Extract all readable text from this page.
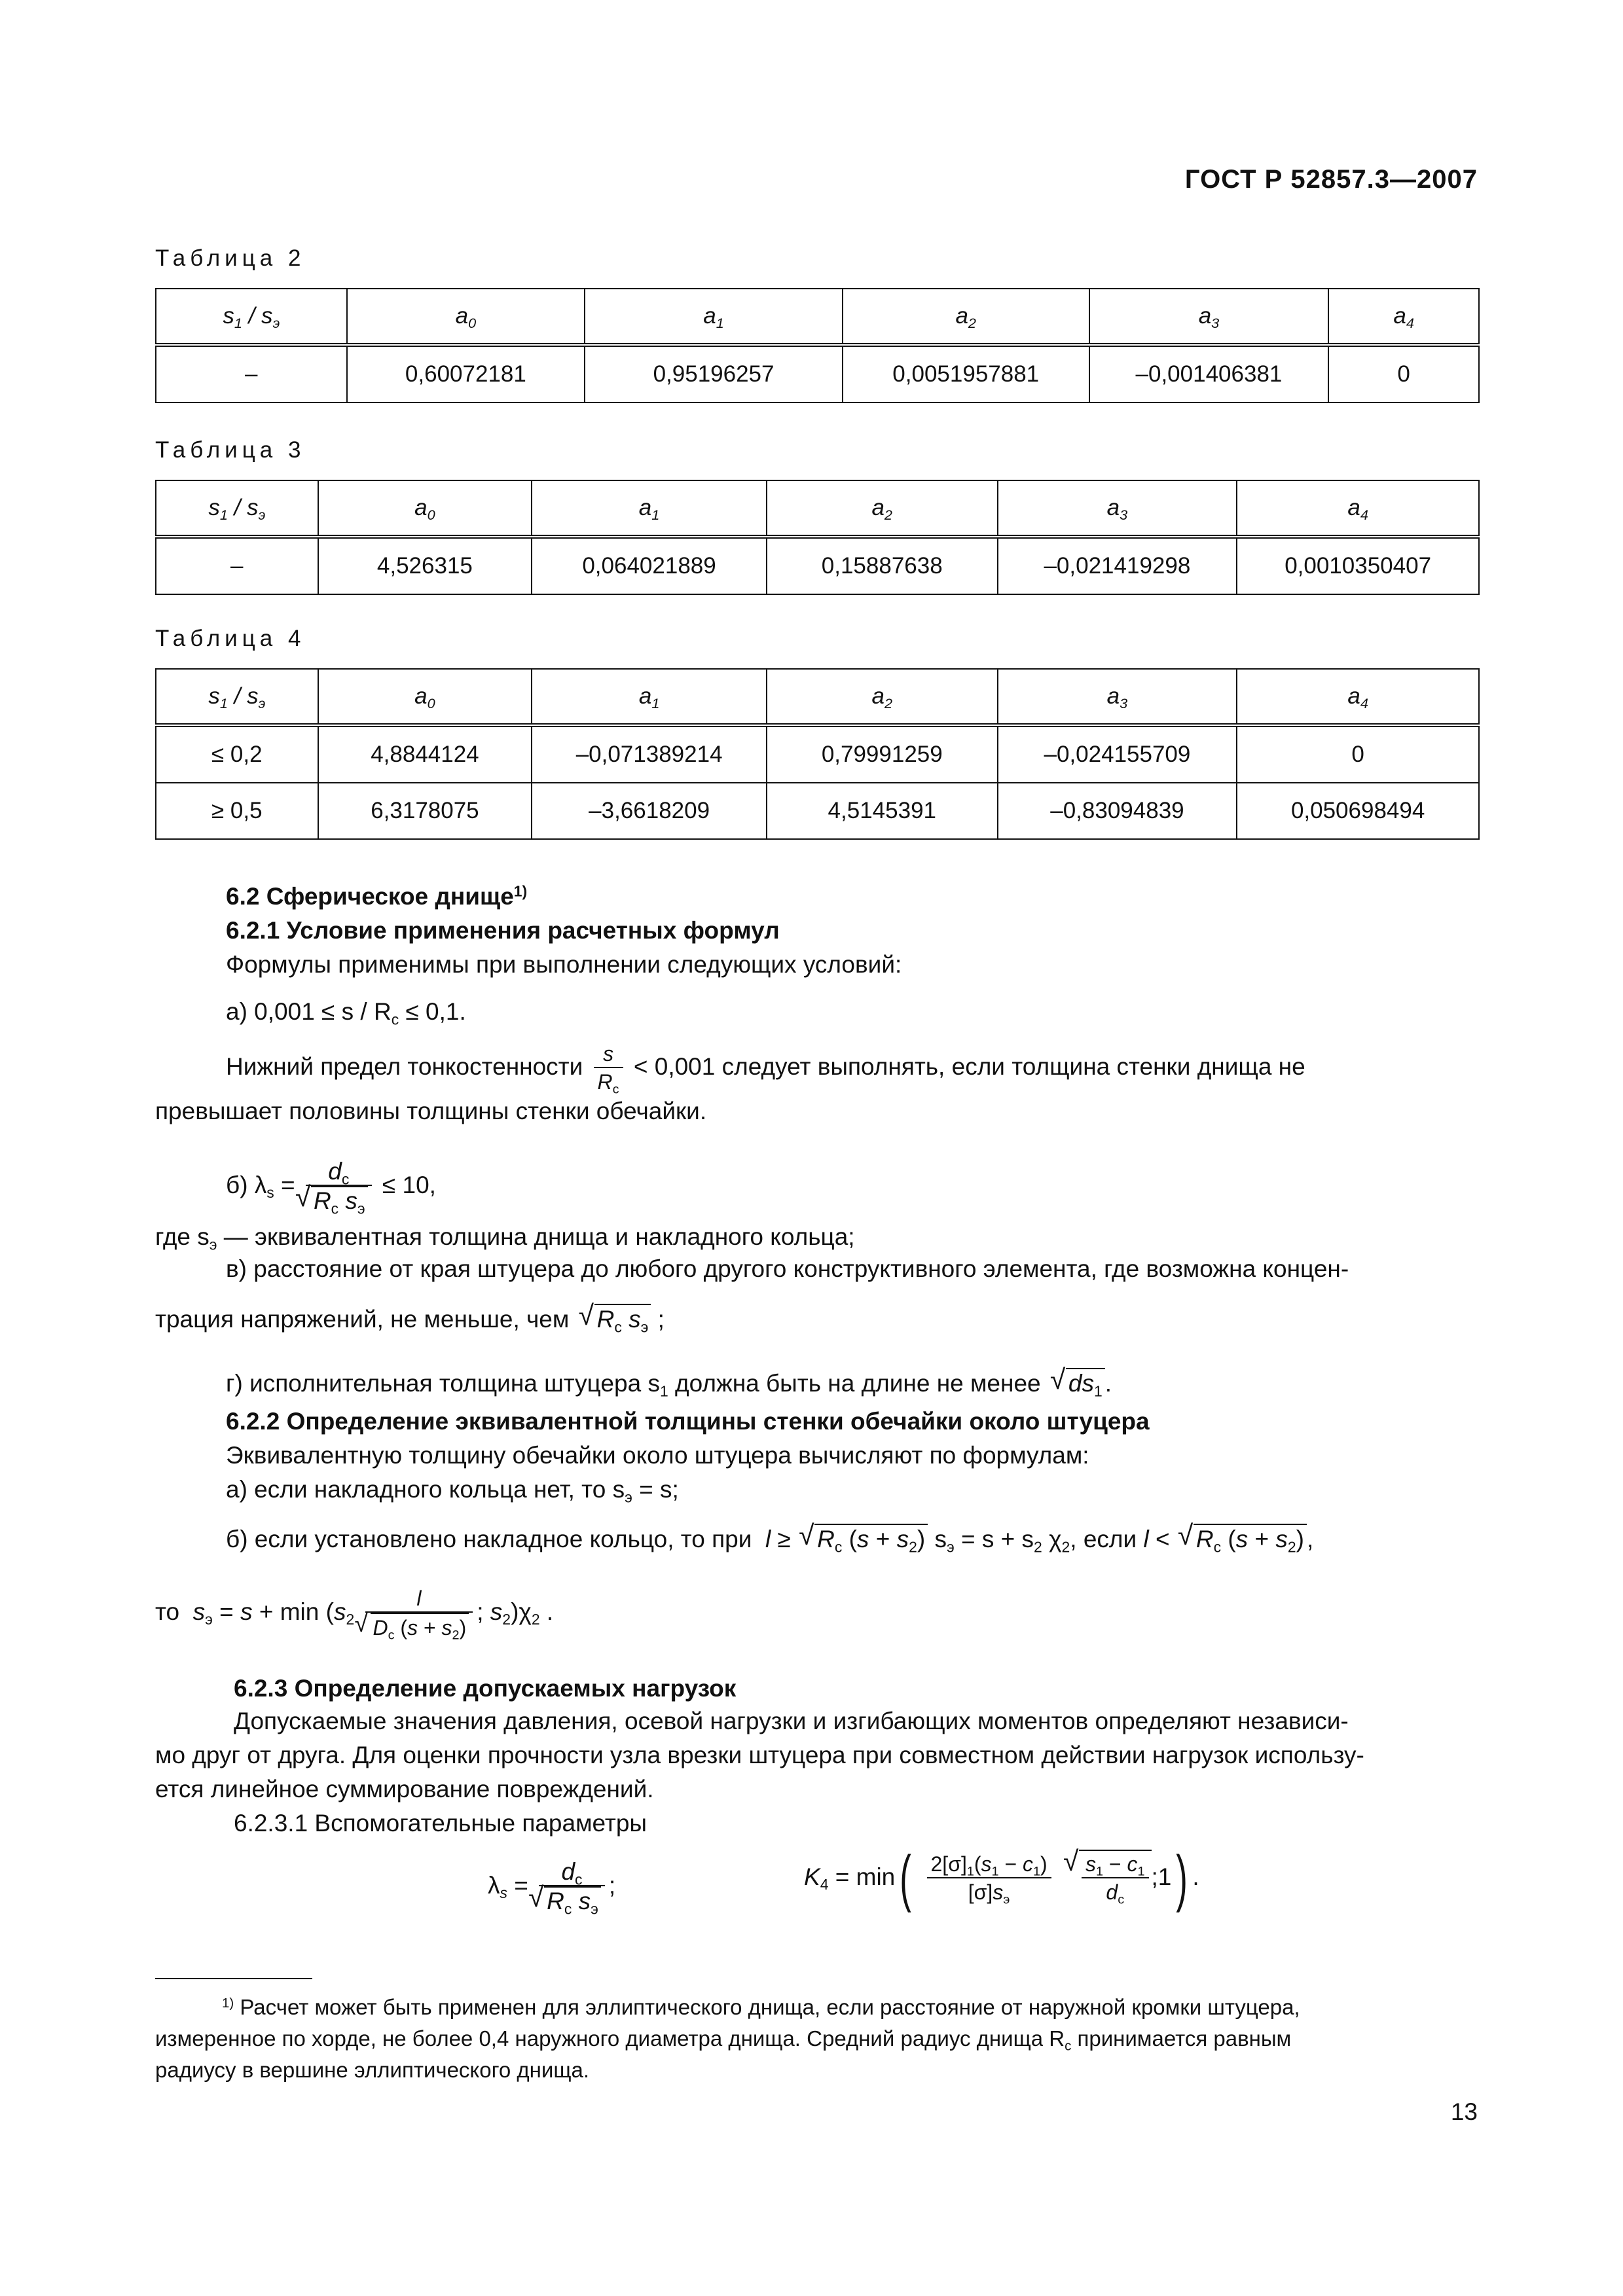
ГОСТ Р 52857.3—2007
Таблица 2
$s_1 / s_э$	$a_0$	$a_1$	$a_2$	$a_3$	$a_4$
–	0,60072181	0,95196257	0,0051957881	–0,001406381	0
Таблица 3
$s_1 / s_э$	$a_0$	$a_1$	$a_2$	$a_3$	$a_4$
–	4,526315	0,064021889	0,15887638	–0,021419298	0,0010350407
Таблица 4
$s_1 / s_э$	$a_0$	$a_1$	$a_2$	$a_3$	$a_4$
≤ 0,2	4,8844124	–0,071389214	0,79991259	–0,024155709	0
≥ 0,5	6,3178075	–3,6618209	4,5145391	–0,83094839	0,050698494
6.2 Сферическое днище$^{1)}$
6.2.1 Условие применения расчетных формул
Формулы применимы при выполнении следующих условий:
а) $0,001 \le s / R_c \le 0,1$.
Нижний предел тонкостенности $\frac{s}{R_c} < 0,001$ следует выполнять, если толщина стенки днища не
превышает половины толщины стенки обечайки.
б) $\lambda_s = d_c$
√ $R_c$ $s_э \le 10$,
где $s_э$ — эквивалентная толщина днища и накладного кольца;
в) расстояние от края штуцера до любого другого конструктивного элемента, где возможна концен-
трация напряжений, не меньше, чем √ $R_c$ $s_э$ ;
г) исполнительная толщина штуцера $s_1$ должна быть на длине не менее √ $ds_1$ .
6.2.2 Определение эквивалентной толщины стенки обечайки около штуцера
Эквивалентную толщину обечайки около штуцера вычисляют по формулам:
а) если накладного кольца нет, то $s_э = s$;
б) если установлено накладное кольцо, то при l ≥ √ $R_c$ $(s + s_2)$ $s_э = s + s_2$ $\chi_2$, если l < √ $R_c$ $(s + s_2)$ ,
то $s_э = s + \min (s_2$ l
√ $D_c$ $(s + s_2)$ ; $s_2)\chi_2$ .
6.2.3 Определение допускаемых нагрузок
Допускаемые значения давления, осевой нагрузки и изгибающих моментов определяют независи-
мо друг от друга. Для оценки прочности узла врезки штуцера при совместном действии нагрузок использу-
ется линейное суммирование повреждений.
6.2.3.1 Вспомогательные параметры
$\lambda_s = d_c$
√ $R_c$ $s_э$ ;	$K_4 = \min( \frac{2[\sigma]_1(s_1 - c_1)}{[\sigma]s_э}$
√ $\frac{s_1 - c_1}{d_c}$ ;1) .
$^{1)}$ Расчет может быть применен для эллиптического днища, если расстояние от наружной кромки штуцера,
измеренное по хорде, не более 0,4 наружного диаметра днища. Средний радиус днища $R_c$ принимается равным
радиусу в вершине эллиптического днища.
13
